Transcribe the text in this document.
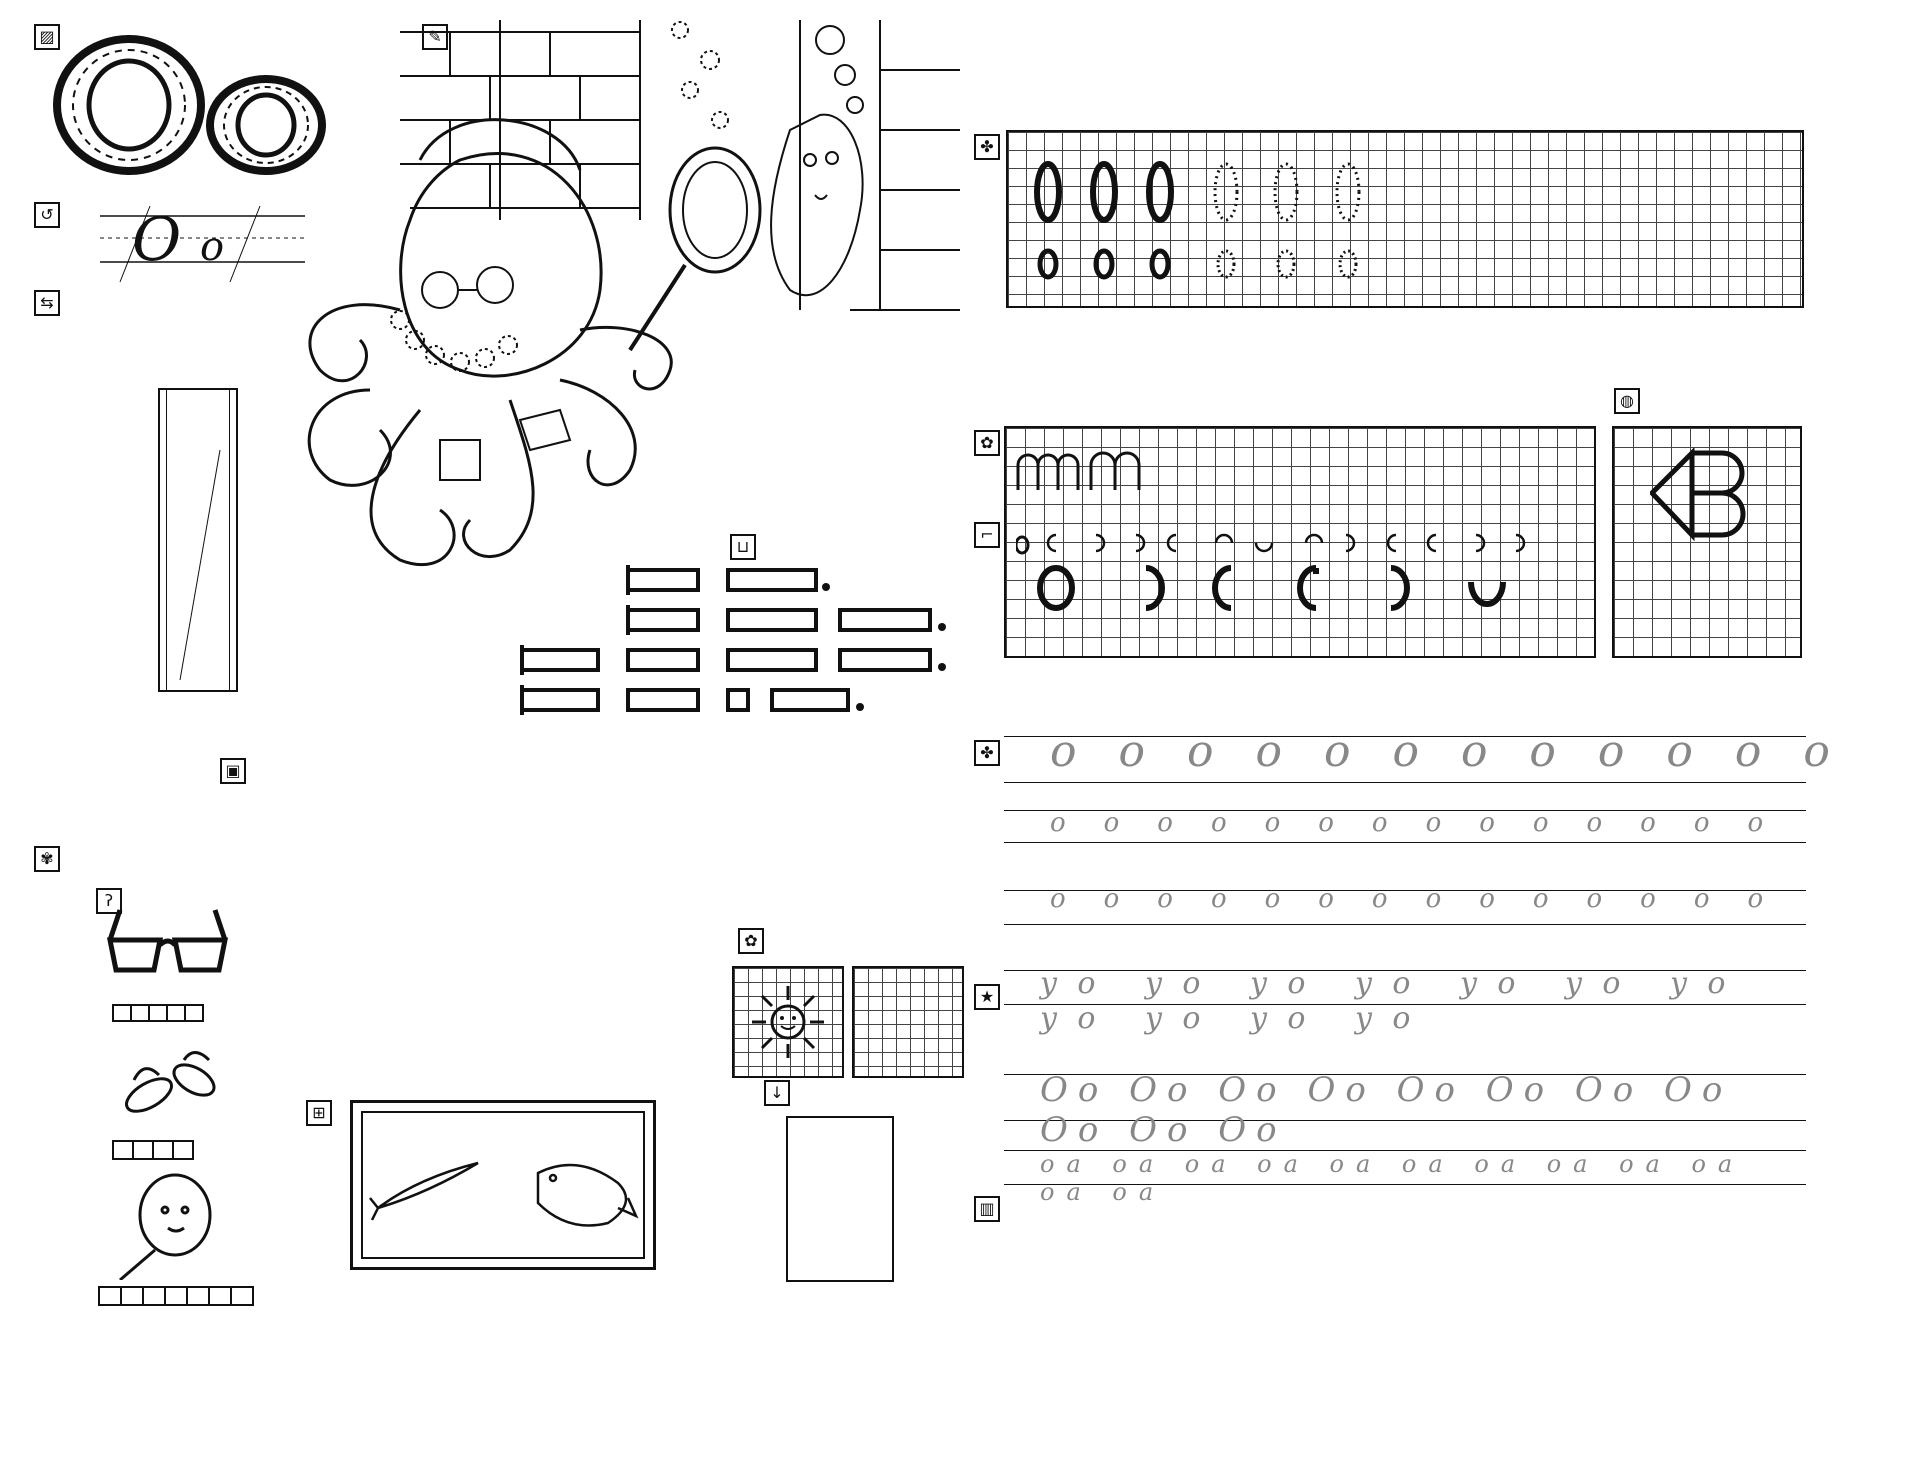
▨
↺ O o
⇆
✎
⊔
▣
✾
ʔ
⊞
✿
↓
✤
✿
⌐
◍
✤
★
oooooooooooo
oooooooooooooo
oooooooooooooo
уо уо уо уо уо уо уо уо уо уо уо
Оо Оо Оо Оо Оо Оо Оо Оо Оо Оо Оо
оа оа оа оа оа оа оа оа оа оа оа оа
▥
